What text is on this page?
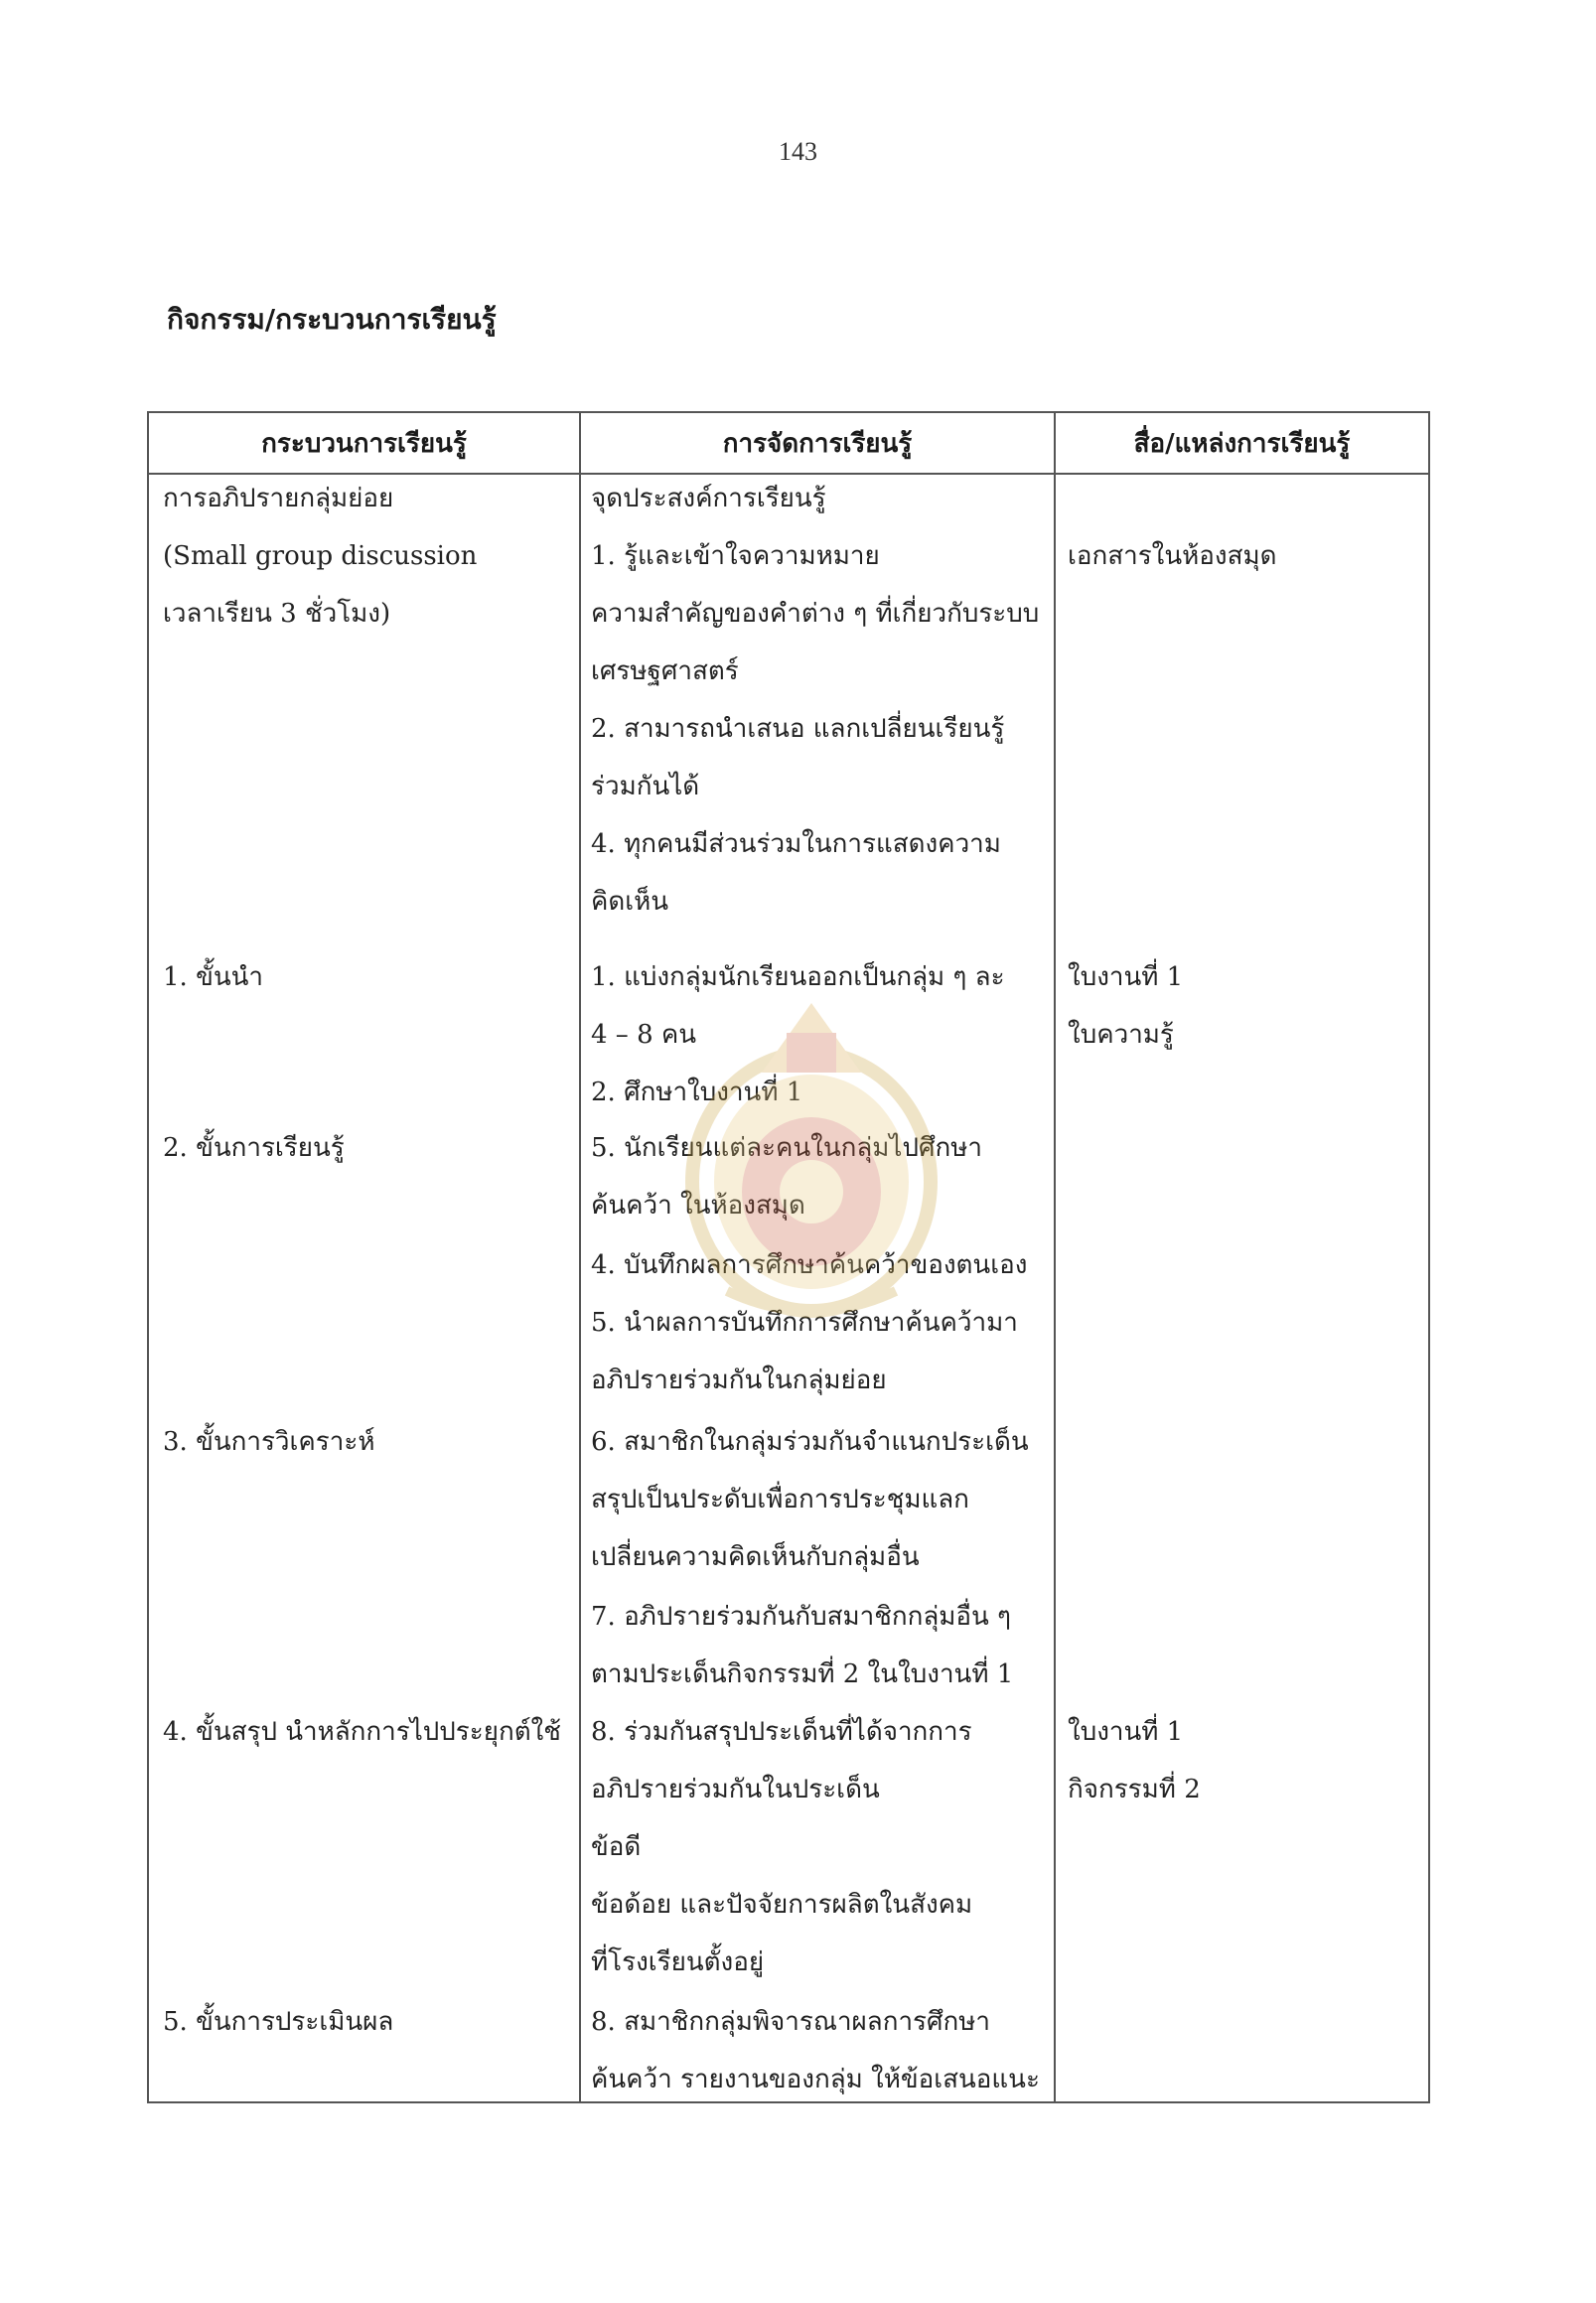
143
กิจกรรม/กระบวนการเรียนรู้
กระบวนการเรียนรู้	การจัดการเรียนรู้	สื่อ/แหล่งการเรียนรู้
การอภิปรายกลุ่มย่อย
(Small group discussion
เวลาเรียน 3 ชั่วโมง)
1. ขั้นนำ
2. ขั้นการเรียนรู้
3. ขั้นการวิเคราะห์
4. ขั้นสรุป นำหลักการไปประยุกต์ใช้
5. ขั้นการประเมินผล
จุดประสงค์การเรียนรู้
1. รู้และเข้าใจความหมาย
ความสำคัญของคำต่าง ๆ ที่เกี่ยวกับระบบ
เศรษฐศาสตร์
2. สามารถนำเสนอ แลกเปลี่ยนเรียนรู้
ร่วมกันได้
4. ทุกคนมีส่วนร่วมในการแสดงความ
คิดเห็น
1. แบ่งกลุ่มนักเรียนออกเป็นกลุ่ม ๆ ละ
4 – 8 คน
2. ศึกษาใบงานที่ 1
5. นักเรียนแต่ละคนในกลุ่มไปศึกษา
ค้นคว้า ในห้องสมุด
4. บันทึกผลการศึกษาค้นคว้าของตนเอง
5. นำผลการบันทึกการศึกษาค้นคว้ามา
อภิปรายร่วมกันในกลุ่มย่อย
6. สมาชิกในกลุ่มร่วมกันจำแนกประเด็น
สรุปเป็นประดับเพื่อการประชุมแลก
เปลี่ยนความคิดเห็นกับกลุ่มอื่น
7. อภิปรายร่วมกันกับสมาชิกกลุ่มอื่น ๆ
ตามประเด็นกิจกรรมที่ 2 ในใบงานที่ 1
8. ร่วมกันสรุปประเด็นที่ได้จากการ
อภิปรายร่วมกันในประเด็น
ข้อดี
ข้อด้อย และปัจจัยการผลิตในสังคม
ที่โรงเรียนตั้งอยู่
8. สมาชิกกลุ่มพิจารณาผลการศึกษา
ค้นคว้า รายงานของกลุ่ม ให้ข้อเสนอแนะ
เอกสารในห้องสมุด
ใบงานที่ 1
ใบความรู้
ใบงานที่ 1
กิจกรรมที่ 2
